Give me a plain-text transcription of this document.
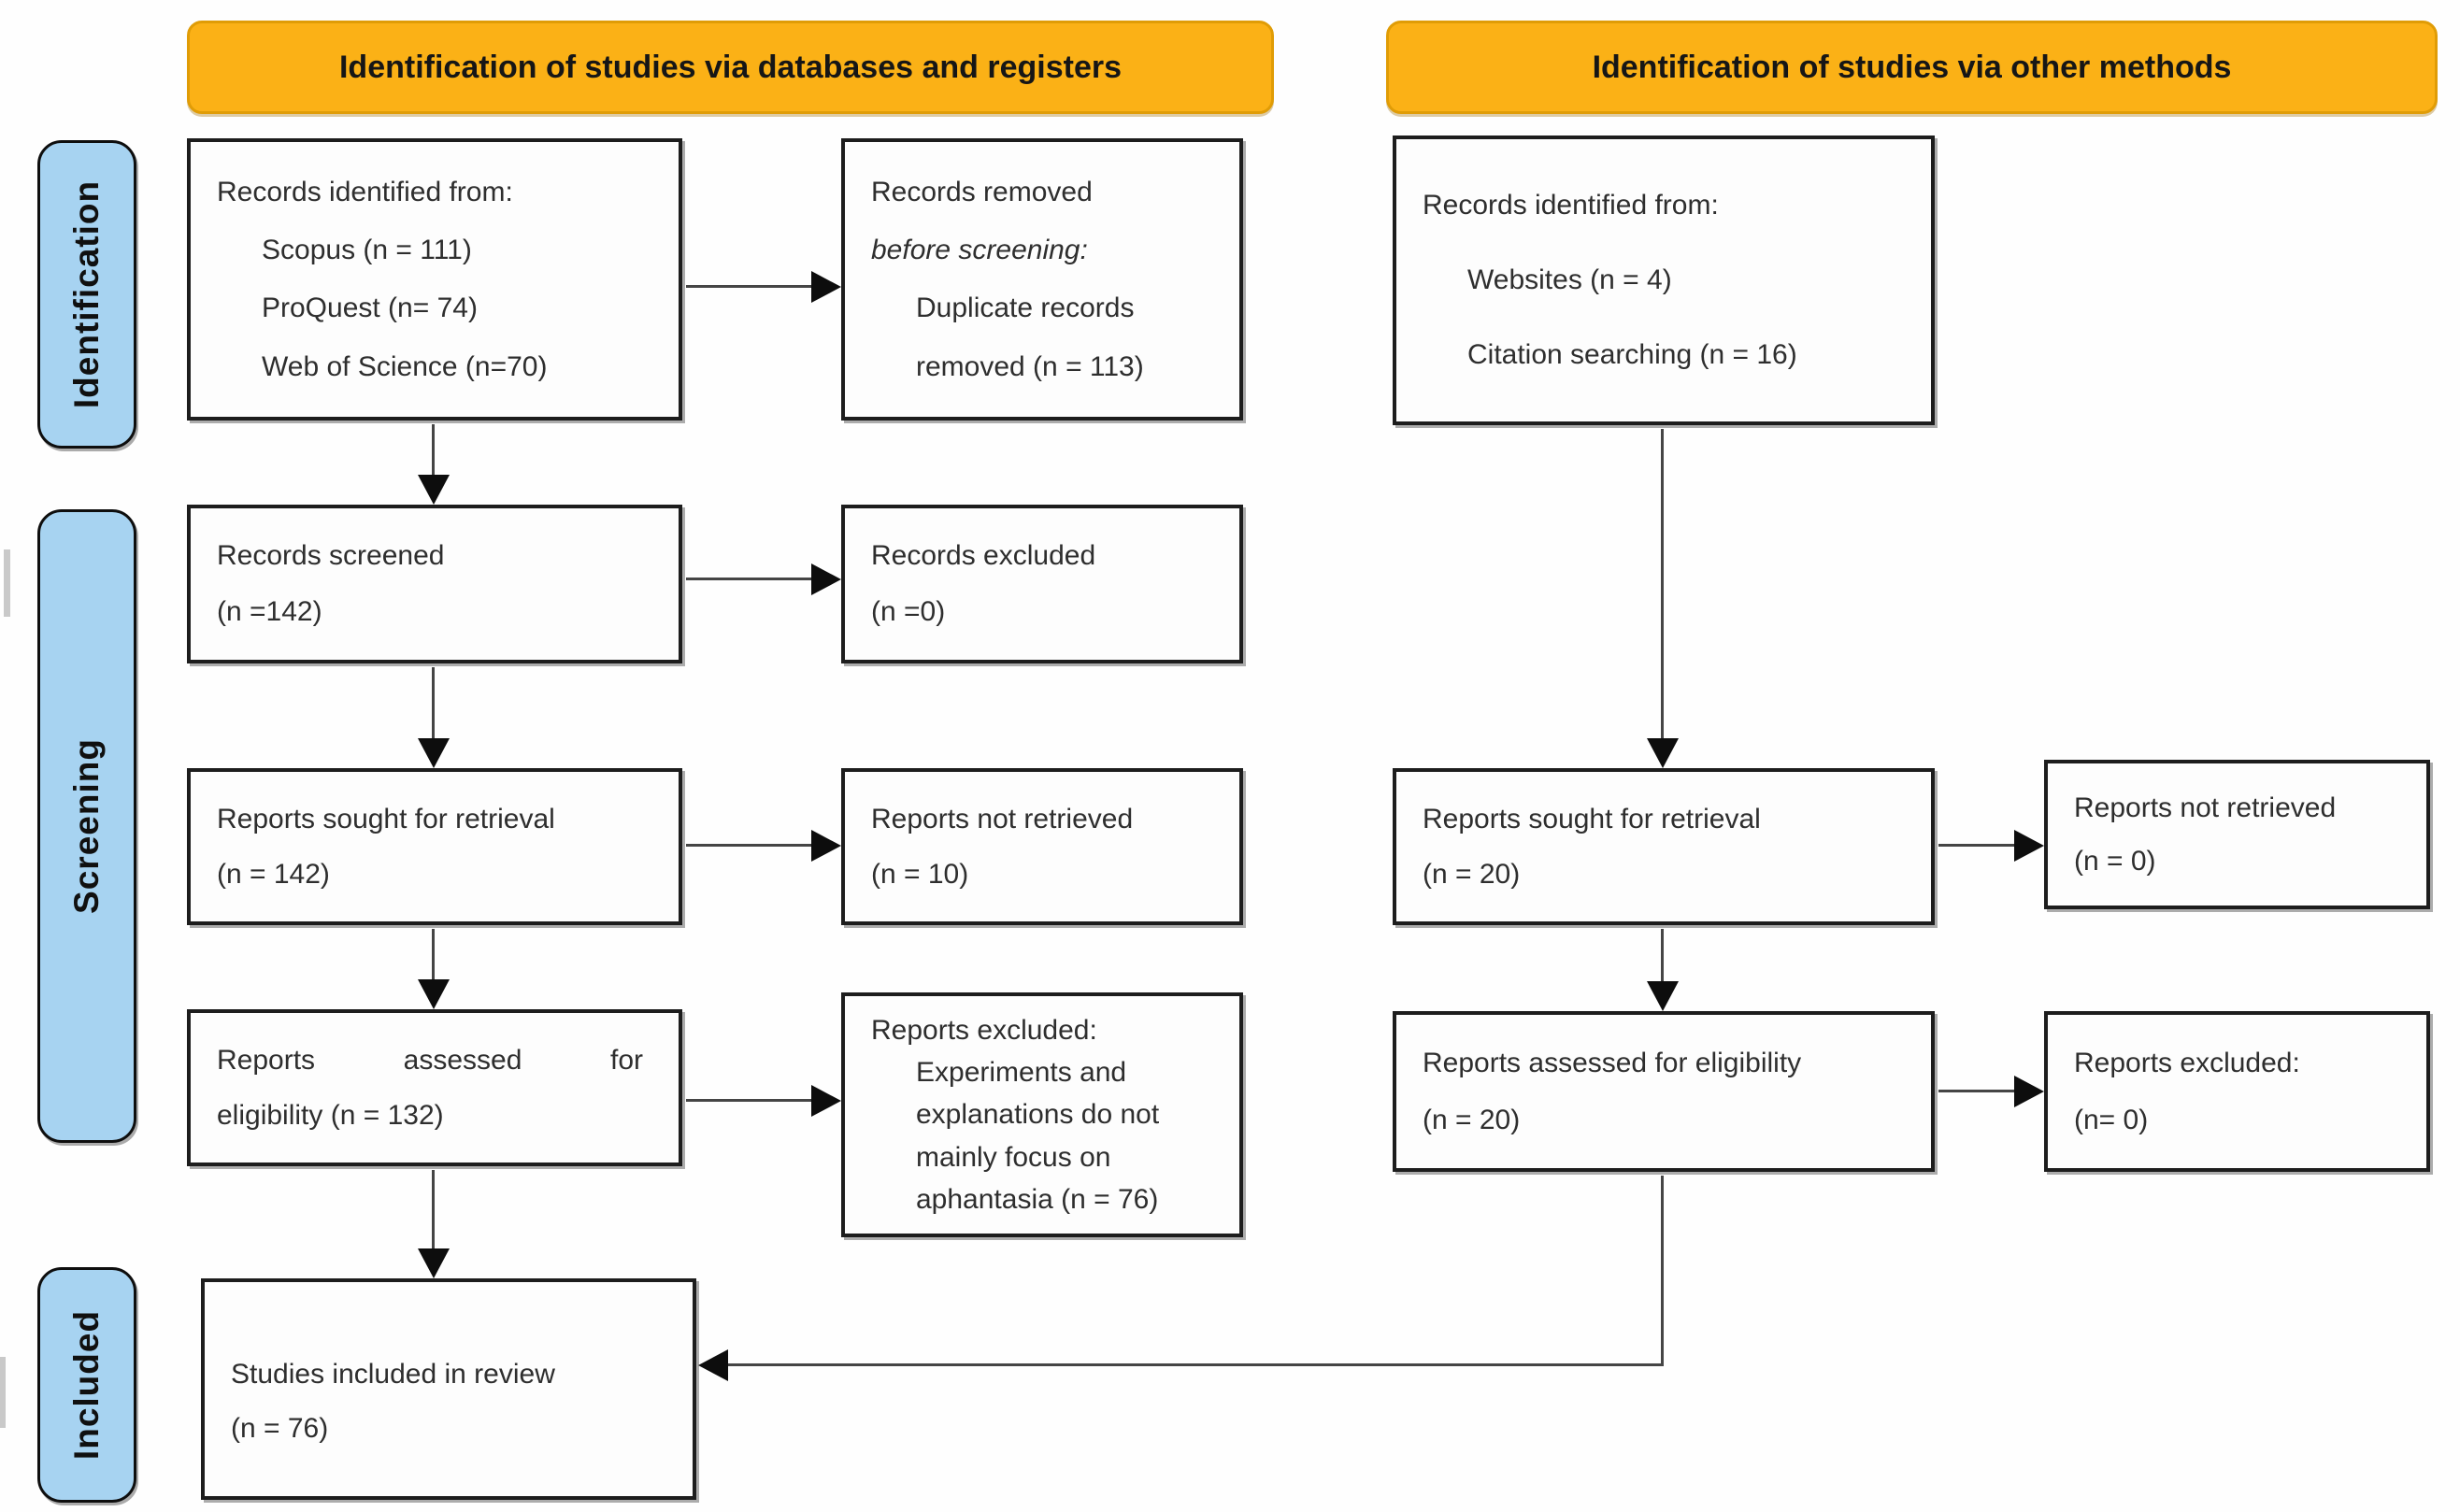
Identification of studies via databases and registers	Identification of studies via other methods
Identification
Screening
Included

Records identified from:

Scopus (n = 111)

ProQuest (n= 74)

Web of Science (n=70)

Records removed

before screening:

Duplicate records

removed (n = 113)

Records screened

(n =142)

Records excluded

(n =0)

Reports sought for retrieval

(n = 142)

Reports not retrieved

(n = 10)

Reports assessed for

eligibility (n = 132)

Reports excluded:

Experiments and

explanations do not

mainly focus on

aphantasia (n = 76)

Studies included in review

(n = 76)

Records identified from:

Websites (n = 4)

Citation searching (n = 16)

Reports sought for retrieval

(n = 20)

Reports not retrieved

(n = 0)

Reports assessed for eligibility

(n = 20)

Reports excluded:

(n= 0)
